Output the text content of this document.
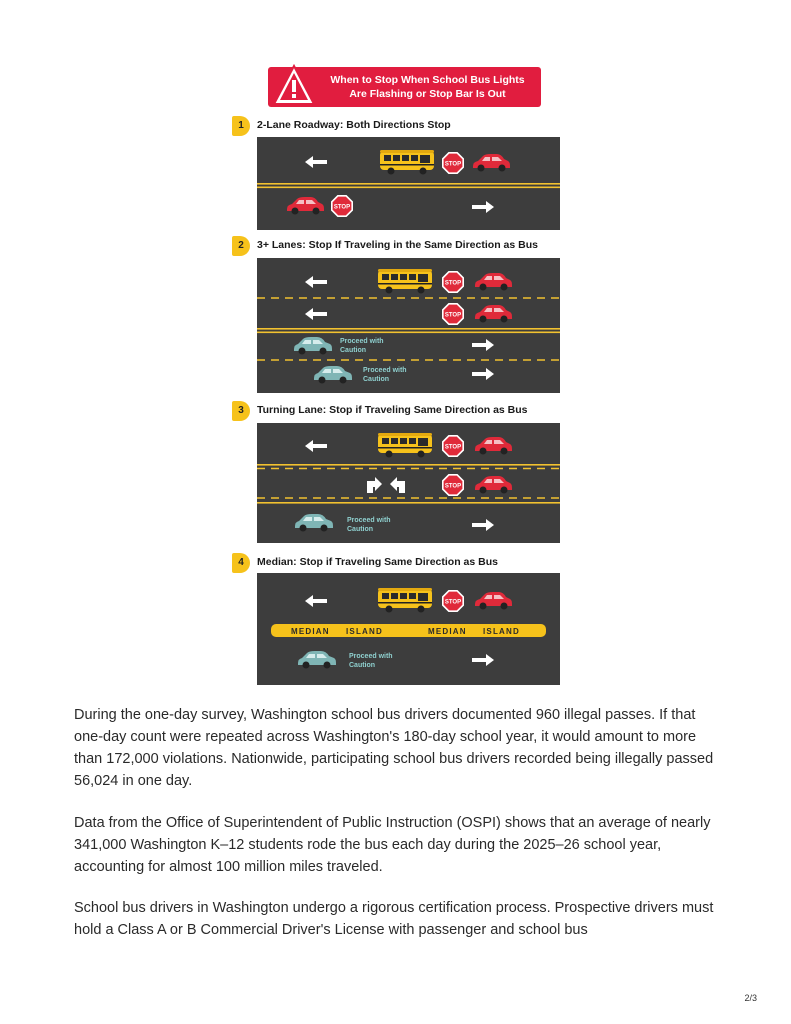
When to Stop When School Bus Lights
Are Flashing or Stop Bar Is Out
1	2-Lane Roadway: Both Directions Stop
STOP
STOP
2	3+ Lanes: Stop If Traveling in the Same Direction as Bus
STOP
STOP
Proceed with
Caution
Proceed with
Caution
3	Turning Lane: Stop if Traveling Same Direction as Bus
STOP
STOP
Proceed with
Caution
4	Median: Stop if Traveling Same Direction as Bus
STOP
MEDIAN ISLAND	MEDIAN ISLAND
Proceed with
Caution

During the one-day survey, Washington school bus drivers documented 960 illegal passes. If that one-day count were repeated across Washington's 180-day school year, it would amount to more than 172,000 violations. Nationwide, participating school bus drivers recorded being illegally passed 56,024 in one day.

Data from the Office of Superintendent of Public Instruction (OSPI) shows that an average of nearly 341,000 Washington K–12 students rode the bus each day during the 2025–26 school year, accounting for almost 100 million miles traveled.

School bus drivers in Washington undergo a rigorous certification process. Prospective drivers must hold a Class A or B Commercial Driver's License with passenger and school bus

2/3
